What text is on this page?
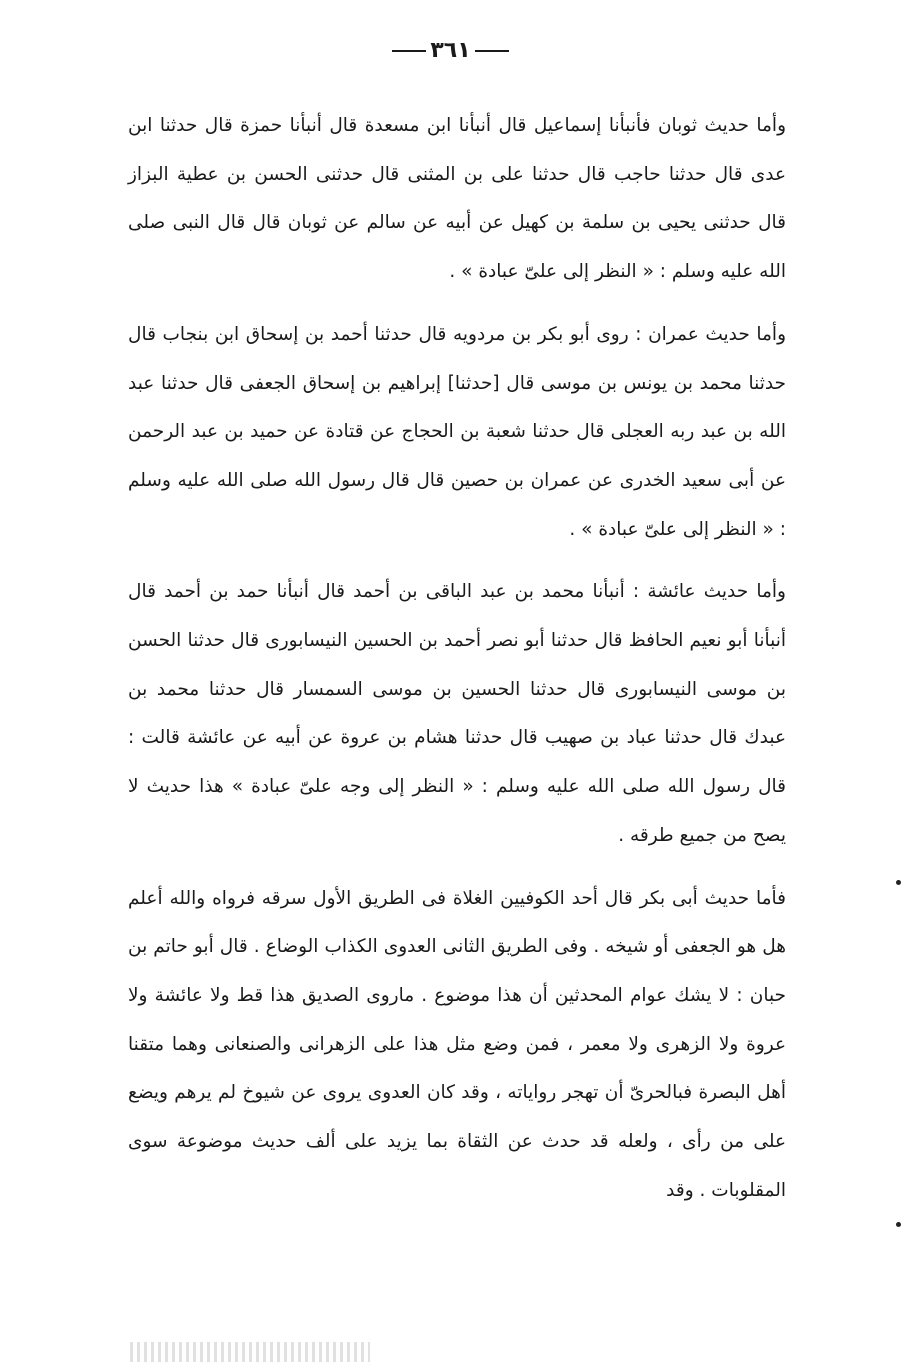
٣٦١

وأما حديث ثوبان فأنبأنا إسماعيل قال أنبأنا ابن مسعدة قال أنبأنا حمزة قال حدثنا ابن عدى قال حدثنا حاجب قال حدثنا على بن المثنى قال حدثنى الحسن بن عطية البزاز قال حدثنى يحيى بن سلمة بن كهيل عن أبيه عن سالم عن ثوبان قال قال النبى صلى الله عليه وسلم : « النظر إلى علىّ عبادة » .

وأما حديث عمران : روى أبو بكر بن مردويه قال حدثنا أحمد بن إسحاق ابن بنجاب قال حدثنا محمد بن يونس بن موسى قال [حدثنا] إبراهيم بن إسحاق الجعفى قال حدثنا عبد الله بن عبد ربه العجلى قال حدثنا شعبة بن الحجاج عن قتادة عن حميد بن عبد الرحمن عن أبى سعيد الخدرى عن عمران بن حصين قال قال رسول الله صلى الله عليه وسلم : « النظر إلى علىّ عبادة » .

وأما حديث عائشة : أنبأنا محمد بن عبد الباقى بن أحمد قال أنبأنا حمد بن أحمد قال أنبأنا أبو نعيم الحافظ قال حدثنا أبو نصر أحمد بن الحسين النيسابورى قال حدثنا الحسن بن موسى النيسابورى قال حدثنا الحسين بن موسى السمسار قال حدثنا محمد بن عبدك قال حدثنا عباد بن صهيب قال حدثنا هشام بن عروة عن أبيه عن عائشة قالت : قال رسول الله صلى الله عليه وسلم : « النظر إلى وجه علىّ عبادة » هذا حديث لا يصح من جميع طرقه .

فأما حديث أبى بكر قال أحد الكوفيين الغلاة فى الطريق الأول سرقه فرواه والله أعلم هل هو الجعفى أو شيخه . وفى الطريق الثانى العدوى الكذاب الوضاع . قال أبو حاتم بن حبان : لا يشك عوام المحدثين أن هذا موضوع . ماروى الصديق هذا قط ولا عائشة ولا عروة ولا الزهرى ولا معمر ، فمن وضع مثل هذا على الزهرانى والصنعانى وهما متقنا أهل البصرة فبالحرىّ أن تهجر رواياته ، وقد كان العدوى يروى عن شيوخ لم يرهم ويضع على من رأى ، ولعله قد حدث عن الثقاة بما يزيد على ألف حديث موضوعة سوى المقلوبات . وقد
